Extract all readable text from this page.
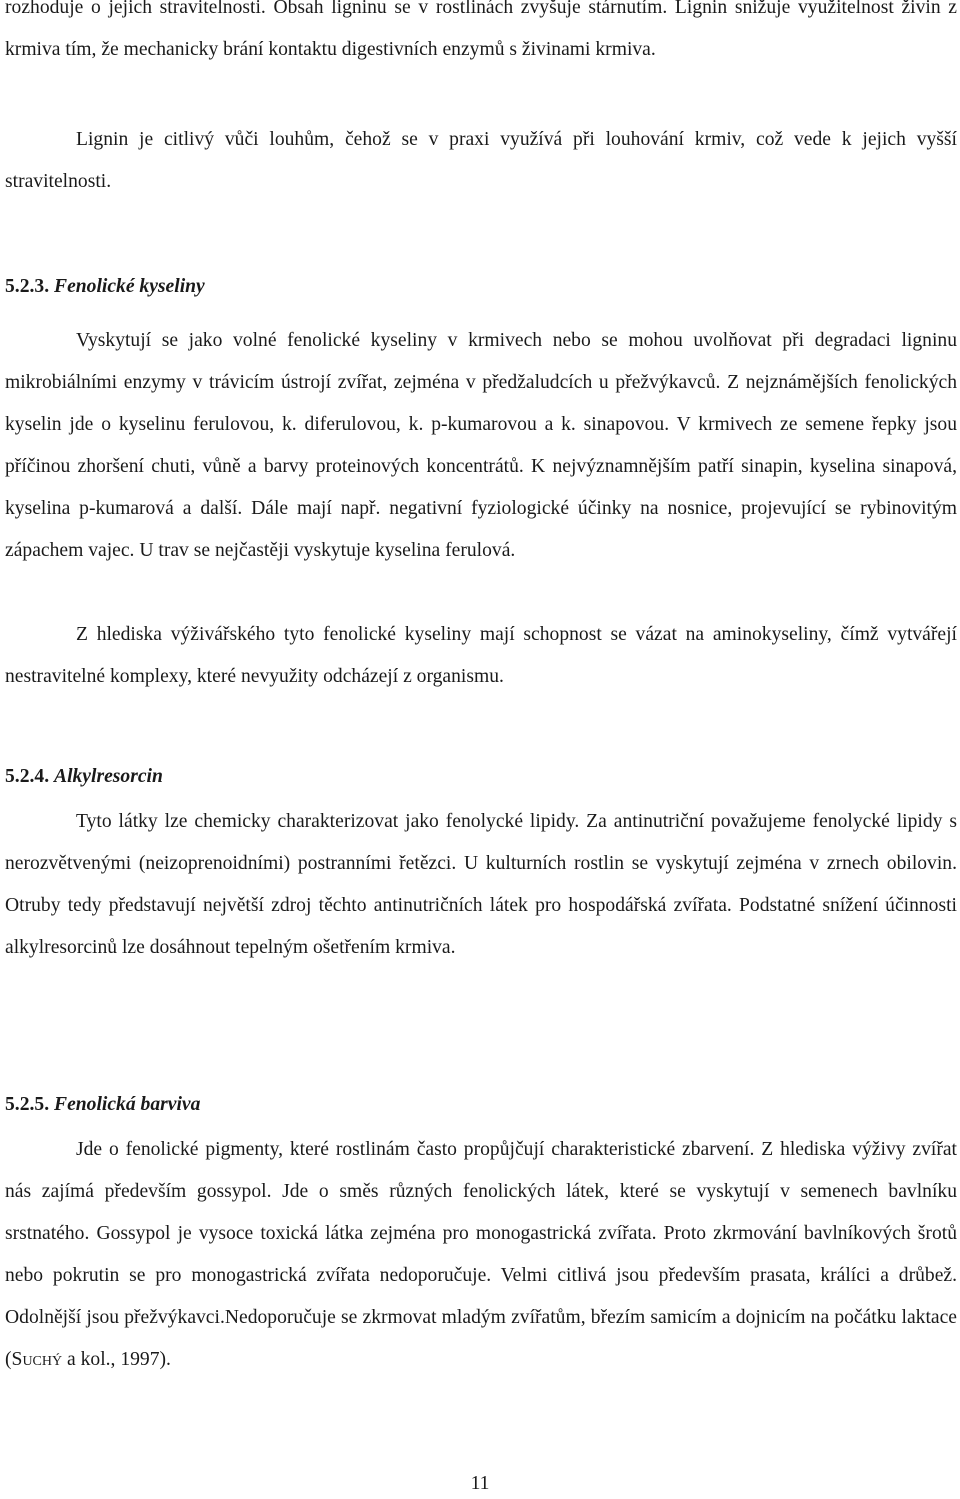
rozhoduje o jejich stravitelnosti. Obsah ligninu se v rostlinách zvyšuje stárnutím. Lignin snižuje využitelnost živin z krmiva tím, že mechanicky brání kontaktu digestivních enzymů s živinami krmiva.

Lignin je citlivý vůči louhům, čehož se v praxi využívá při louhování krmiv, což vede k jejich vyšší stravitelnosti.

5.2.3. Fenolické kyseliny

Vyskytují se jako volné fenolické kyseliny v krmivech nebo se mohou uvolňovat při degradaci ligninu mikrobiálními enzymy v trávicím ústrojí zvířat, zejména v předžaludcích u přežvýkavců. Z nejznámějších fenolických kyselin jde o kyselinu ferulovou, k. diferulovou, k. p-kumarovou a k. sinapovou. V krmivech ze semene řepky jsou příčinou zhoršení chuti, vůně a barvy proteinových koncentrátů. K nejvýznamnějším patří sinapin, kyselina sinapová, kyselina p-kumarová a další. Dále mají např. negativní fyziologické účinky na nosnice, projevující se rybinovitým zápachem vajec. U trav se nejčastěji vyskytuje kyselina ferulová.

Z hlediska výživářského tyto fenolické kyseliny mají schopnost se vázat na aminokyseliny, čímž vytvářejí nestravitelné komplexy, které nevyužity odcházejí z organismu.

5.2.4. Alkylresorcin

Tyto látky lze chemicky charakterizovat jako fenolycké lipidy. Za antinutriční považujeme fenolycké lipidy s nerozvětvenými (neizoprenoidními) postranními řetězci. U kulturních rostlin se vyskytují zejména v zrnech obilovin. Otruby tedy představují největší zdroj těchto antinutričních látek pro hospodářská zvířata. Podstatné snížení účinnosti alkylresorcinů lze dosáhnout tepelným ošetřením krmiva.

5.2.5. Fenolická barviva

Jde o fenolické pigmenty, které rostlinám často propůjčují charakteristické zbarvení. Z hlediska výživy zvířat nás zajímá především gossypol. Jde o směs různých fenolických látek, které se vyskytují v semenech bavlníku srstnatého. Gossypol je vysoce toxická látka zejména pro monogastrická zvířata. Proto zkrmování bavlníkových šrotů nebo pokrutin se pro monogastrická zvířata nedoporučuje. Velmi citlivá jsou především prasata, králíci a drůbež. Odolnější jsou přežvýkavci.Nedoporučuje se zkrmovat mladým zvířatům, březím samicím a dojnicím na počátku laktace (Suchý a kol., 1997).

11
